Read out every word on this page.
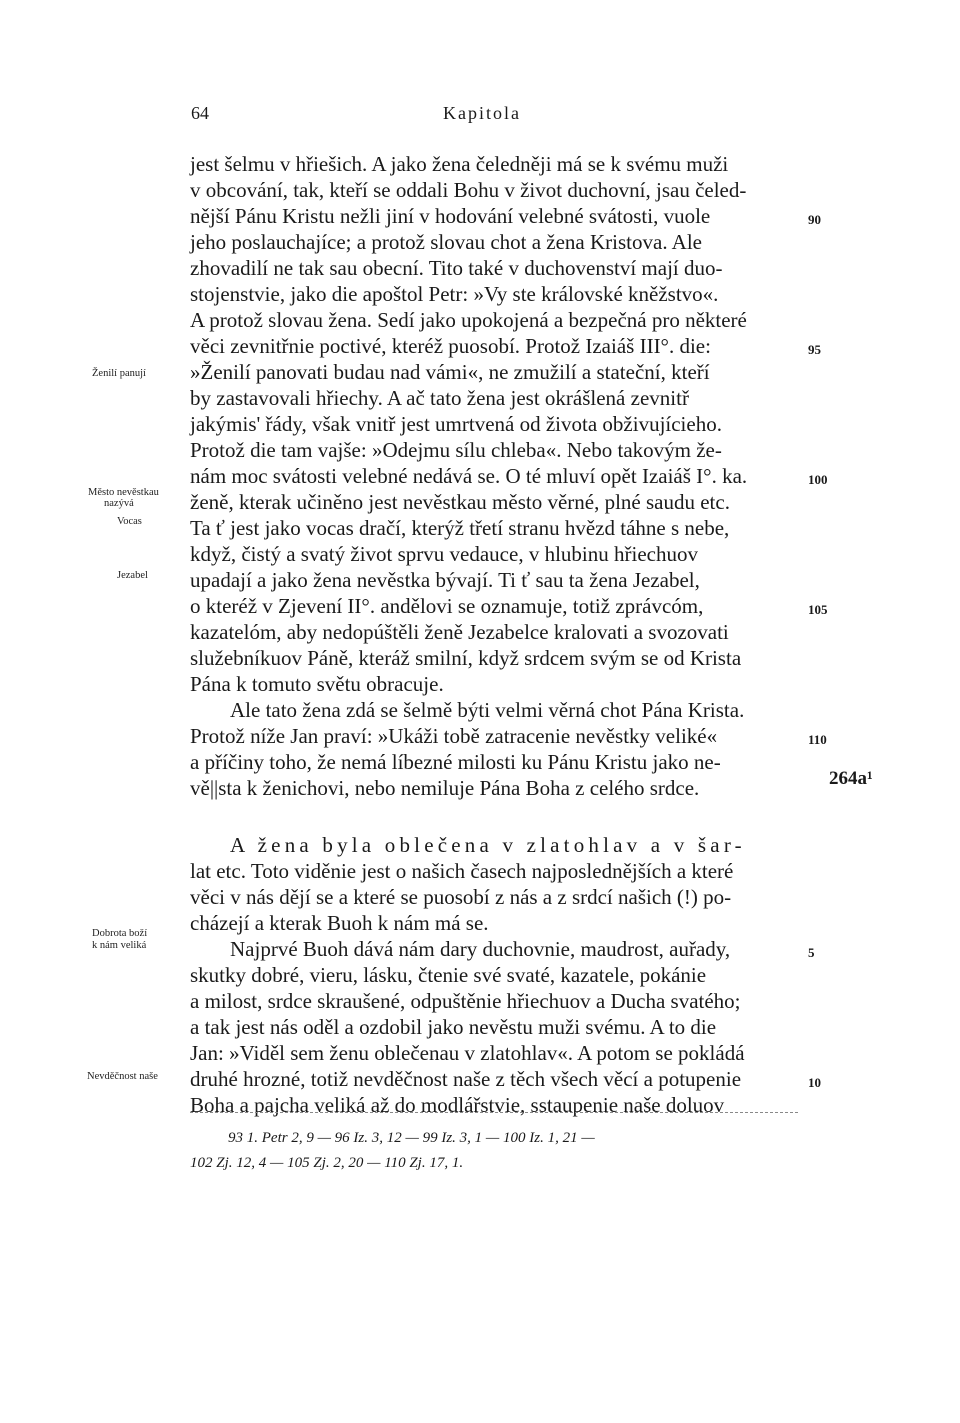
64	Kapitola
jest šelmu v hřiešich. A jako žena čeledněji má se k svému muži
v obcování, tak, kteří se oddali Bohu v život duchovní, jsau čeled-
nější Pánu Kristu nežli jiní v hodování velebné svátosti, vuole
jeho poslauchajíce; a protož slovau chot a žena Kristova. Ale
zhovadilí ne tak sau obecní. Tito také v duchovenství mají duo-
stojenstvie, jako die apoštol Petr: »Vy ste královské kněžstvo«.
A protož slovau žena. Sedí jako upokojená a bezpečná pro některé
věci zevnitřnie poctivé, kteréž puosobí. Protož Izaiáš III°. die:
»Ženilí panovati budau nad vámi«, ne zmužilí a stateční, kteří
by zastavovali hřiechy. A ač tato žena jest okrášlená zevnitř
jakýmis' řády, však vnitř jest umrtvená od života obživujícieho.
Protož die tam vajše: »Odejmu sílu chleba«. Nebo takovým že-
nám moc svátosti velebné nedává se. O té mluví opět Izaiáš I°. ka.
ženě, kterak učiněno jest nevěstkau město věrné, plné saudu etc.
Ta ť jest jako vocas dračí, kterýž třetí stranu hvězd táhne s nebe,
když, čistý a svatý život sprvu vedauce, v hlubinu hřiechuov
upadají a jako žena nevěstka bývají. Ti ť sau ta žena Jezabel,
o kteréž v Zjevení II°. andělovi se oznamuje, totiž zprávcóm,
kazatelóm, aby nedopúštěli ženě Jezabelce kralovati a svozovati
služebníkuov Páně, kteráž smilní, když srdcem svým se od Krista
Pána k tomuto světu obracuje.
Ale tato žena zdá se šelmě býti velmi věrná chot Pána Krista.
Protož níže Jan praví: »Ukáži tobě zatracenie nevěstky veliké«
a příčiny toho, že nemá líbezné milosti ku Pánu Kristu jako ne-
vě||sta k ženichovi, nebo nemiluje Pána Boha z celého srdce.
A žena byla oblečena v zlatohlav a v šar-
lat etc. Toto viděnie jest o našich časech najposlednějších a které
věci v nás dějí se a které se puosobí z nás a z srdcí našich (!) po-
cházejí a kterak Buoh k nám má se.
Najprvé Buoh dává nám dary duchovnie, maudrost, auřady,
skutky dobré, vieru, lásku, čtenie své svaté, kazatele, pokánie
a milost, srdce skraušené, odpuštěnie hřiechuov a Ducha svatého;
a tak jest nás oděl a ozdobil jako nevěstu muži svému. A to die
Jan: »Viděl sem ženu oblečenau v zlatohlav«. A potom se pokládá
druhé hrozné, totiž nevděčnost naše z těch všech věcí a potupenie
Boha a pajcha veliká až do modlářstvie, sstaupenie naše doluov
90
95
100
105
110
5
10
264a¹
Ženilí panují
Město nevěstkau
nazývá
Vocas
Jezabel
Dobrota boží
k nám veliká
Nevděčnost naše
93 1. Petr 2, 9 — 96 Iz. 3, 12 — 99 Iz. 3, 1 — 100 Iz. 1, 21 —
102 Zj. 12, 4 — 105 Zj. 2, 20 — 110 Zj. 17, 1.
